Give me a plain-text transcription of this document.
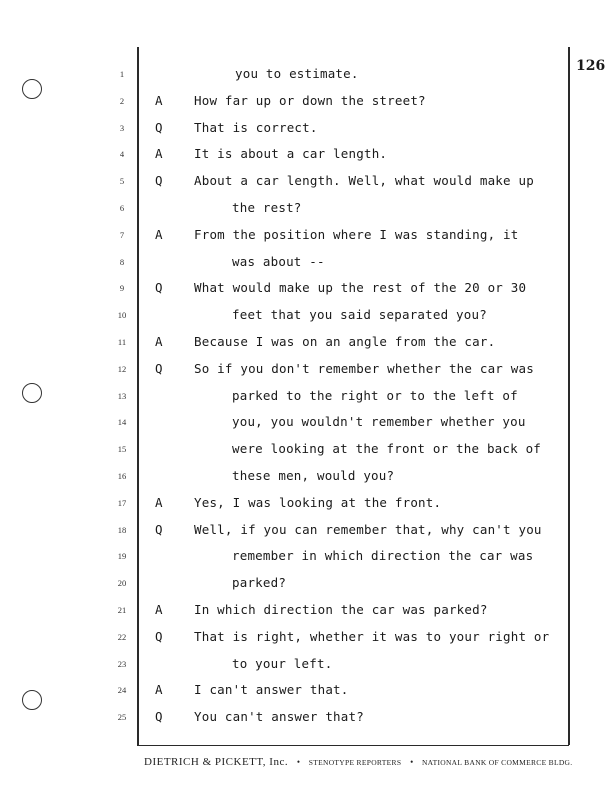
126
1	you to estimate.
2	A	How far up or down the street?
3	Q	That is correct.
4	A	It is about a car length.
5	Q	About a car length. Well, what would make up
6	the rest?
7	A	From the position where I was standing, it
8	was about --
9	Q	What would make up the rest of the 20 or 30
10	feet that you said separated you?
11	A	Because I was on an angle from the car.
12	Q	So if you don't remember whether the car was
13	parked to the right or to the left of
14	you, you wouldn't remember whether you
15	were looking at the front or the back of
16	these men, would you?
17	A	Yes, I was looking at the front.
18	Q	Well, if you can remember that, why can't you
19	remember in which direction the car was
20	parked?
21	A	In which direction the car was parked?
22	Q	That is right, whether it was to your right or
23	to your left.
24	A	I can't answer that.
25	Q	You can't answer that?
DIETRICH & PICKETT, Inc. • STENOTYPE REPORTERS • NATIONAL BANK OF COMMERCE BLDG.
